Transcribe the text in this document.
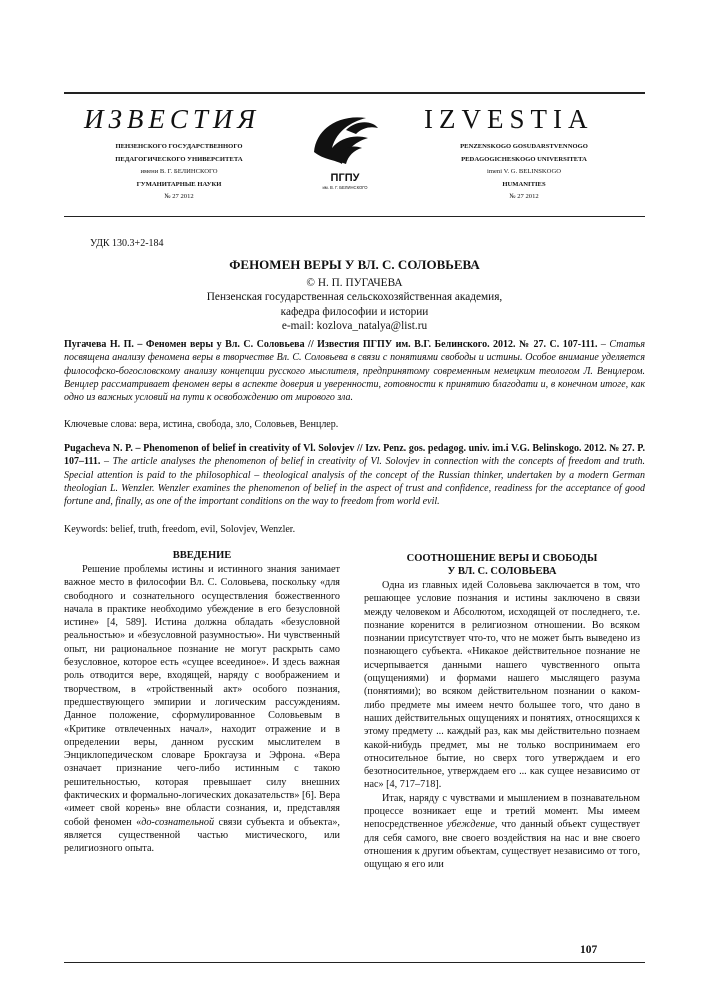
ИЗВЕСТИЯ
ПЕНЗЕНСКОГО ГОСУДАРСТВЕННОГО
ПЕДАГОГИЧЕСКОГО УНИВЕРСИТЕТА
имени В. Г. БЕЛИНСКОГО
ГУМАНИТАРНЫЕ НАУКИ
№ 27 2012
ПГПУ
им. В. Г. БЕЛИНСКОГО
IZVESTIA
PENZENSKOGO GOSUDARSTVENNOGO
PEDAGOGICHESKOGO UNIVERSITETA
imeni V. G. BELINSKOGO
HUMANITIES
№ 27 2012
УДК 130.3+2-184
ФЕНОМЕН ВЕРЫ У ВЛ. С. СОЛОВЬЕВА
© Н. П. ПУГАЧЕВА
Пензенская государственная сельскохозяйственная академия,
кафедра философии и истории
e-mail: kozlova_natalya@list.ru
Пугачева Н. П. – Феномен веры у Вл. С. Соловьева // Известия ПГПУ им. В.Г. Белинского. 2012. № 27. С. 107-111. – Статья посвящена анализу феномена веры в творчестве Вл. С. Соловьева в связи с понятиями свободы и истины. Особое внимание уделяется философско-богословскому анализу концепции русского мыслителя, предпринятому современным немецким теологом Л. Венцлером. Венцлер рассматривает феномен веры в аспекте доверия и уверенности, готовности к принятию благодати и, в конечном итоге, как одно из важных условий на пути к освобождению от мирового зла.
Ключевые слова: вера, истина, свобода, зло, Соловьев, Венцлер.
Pugacheva N. P. – Phenomenon of belief in creativity of Vl. Solovjev // Izv. Penz. gos. pedagog. univ. im.i V.G. Belinskogo. 2012. № 27. P. 107–111. – The article analyses the phenomenon of belief in creativity of Vl. Solovjev in connection with the concepts of freedom and truth. Special attention is paid to the philosophical – theological analysis of the concept of the Russian thinker, undertaken by a modern German theologian L. Wenzler. Wenzler examines the phenomenon of belief in the aspect of trust and confidence, readiness for the acceptance of good fortune and, finally, as one of the important conditions on the way to freedom from world evil.
Keywords: belief, truth, freedom, evil, Solovjev, Wenzler.
ВВЕДЕНИЕ

Решение проблемы истины и истинного знания занимает важное место в философии Вл. С. Соловьева, поскольку «для свободного и сознательного осуществления божественного начала в практике необходимо убеждение в его безусловной истине» [4, 589]. Истина должна обладать «безусловной реальностью» и «безусловной разумностью». Ни чувственный опыт, ни рациональное познание не могут раскрыть само безусловное, которое есть «сущее всеединое». И здесь важная роль отводится вере, входящей, наряду с воображением и творчеством, в «тройственный акт» особого познания, предшествующего эмпирии и логическим рассуждениям. Данное положение, сформулированное Соловьевым в «Критике отвлеченных начал», находит отражение и в определении веры, данном русским мыслителем в Энциклопедическом словаре Брокгауза и Эфрона. «Вера означает признание чего-либо истинным с такою решительностью, которая превышает силу внешних фактических и формально-логических доказательств» [6]. Вера «имеет свой корень» вне области сознания, и, представляя собой феномен «до-сознательной связи субъекта и объекта», является существенной частью мистического, или религиозного опыта.

СООТНОШЕНИЕ ВЕРЫ И СВОБОДЫ
У ВЛ. С. СОЛОВЬЕВА

Одна из главных идей Соловьева заключается в том, что решающее условие познания и истины заключено в связи между человеком и Абсолютом, исходящей от последнего, т.е. познание коренится в религиозном отношении. Во всяком познании присутствует что-то, что не может быть выведено из познающего субъекта. «Никакое действительное познание не исчерпывается данными нашего чувственного опыта (ощущениями) и формами нашего мыслящего разума (понятиями); во всяком действительном познании о каком-либо предмете мы имеем нечто большее того, что дано в наших действительных ощущениях и понятиях, относящихся к этому предмету ... каждый раз, как мы действительно познаем какой-нибудь предмет, мы не только воспринимаем его относительное бытие, но сверх того утверждаем и его безотносительное, утверждаем его ... как сущее независимо от нас» [4, 717–718].

Итак, наряду с чувствами и мышлением в познавательном процессе возникает еще и третий момент. Мы имеем непосредственное убеждение, что данный объект существует для себя самого, вне своего воздействия на нас и вне своего отношения к другим объектам, существует независимо от того, ощущаю я его или

107
